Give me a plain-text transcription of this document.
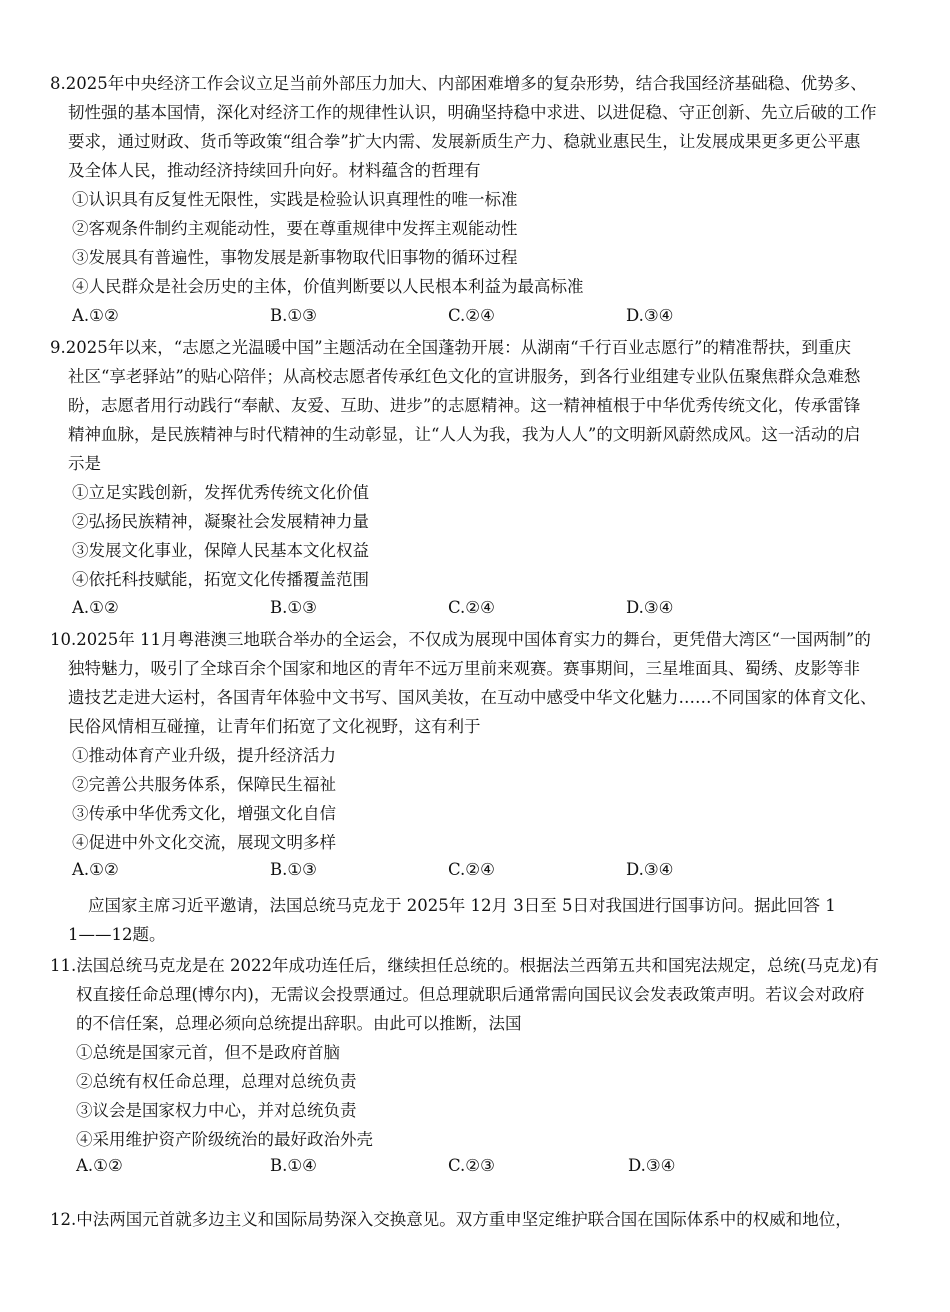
8.2025年中央经济工作会议立足当前外部压力加大、内部困难增多的复杂形势，结合我国经济基础稳、优势多、
韧性强的基本国情，深化对经济工作的规律性认识，明确坚持稳中求进、以进促稳、守正创新、先立后破的工作
要求，通过财政、货币等政策“组合拳”扩大内需、发展新质生产力、稳就业惠民生，让发展成果更多更公平惠
及全体人民，推动经济持续回升向好。材料蕴含的哲理有
①认识具有反复性无限性，实践是检验认识真理性的唯一标准
②客观条件制约主观能动性，要在尊重规律中发挥主观能动性
③发展具有普遍性，事物发展是新事物取代旧事物的循环过程
④人民群众是社会历史的主体，价值判断要以人民根本利益为最高标准
A.①②	B.①③	C.②④	D.③④
9.2025年以来，“志愿之光温暖中国”主题活动在全国蓬勃开展：从湖南“千行百业志愿行”的精准帮扶，到重庆
社区“享老驿站”的贴心陪伴；从高校志愿者传承红色文化的宣讲服务，到各行业组建专业队伍聚焦群众急难愁
盼，志愿者用行动践行“奉献、友爱、互助、进步”的志愿精神。这一精神植根于中华优秀传统文化，传承雷锋
精神血脉，是民族精神与时代精神的生动彰显，让“人人为我，我为人人”的文明新风蔚然成风。这一活动的启
示是
①立足实践创新，发挥优秀传统文化价值
②弘扬民族精神，凝聚社会发展精神力量
③发展文化事业，保障人民基本文化权益
④依托科技赋能，拓宽文化传播覆盖范围
A.①②	B.①③	C.②④	D.③④
10.2025年 11月粤港澳三地联合举办的全运会，不仅成为展现中国体育实力的舞台，更凭借大湾区“一国两制”的
独特魅力，吸引了全球百余个国家和地区的青年不远万里前来观赛。赛事期间，三星堆面具、蜀绣、皮影等非
遗技艺走进大运村，各国青年体验中文书写、国风美妆，在互动中感受中华文化魅力……不同国家的体育文化、
民俗风情相互碰撞，让青年们拓宽了文化视野，这有利于
①推动体育产业升级，提升经济活力
②完善公共服务体系，保障民生福祉
③传承中华优秀文化，增强文化自信
④促进中外文化交流，展现文明多样
A.①②	B.①③	C.②④	D.③④
应国家主席习近平邀请，法国总统马克龙于 2025年 12月 3日至 5日对我国进行国事访问。据此回答 1
1——12题。
11.法国总统马克龙是在 2022年成功连任后，继续担任总统的。根据法兰西第五共和国宪法规定，总统(马克龙)有
权直接任命总理(博尔内)，无需议会投票通过。但总理就职后通常需向国民议会发表政策声明。若议会对政府
的不信任案，总理必须向总统提出辞职。由此可以推断，法国
①总统是国家元首，但不是政府首脑
②总统有权任命总理，总理对总统负责
③议会是国家权力中心，并对总统负责
④采用维护资产阶级统治的最好政治外壳
A.①②	B.①④	C.②③	D.③④
12.中法两国元首就多边主义和国际局势深入交换意见。双方重申坚定维护联合国在国际体系中的权威和地位，
